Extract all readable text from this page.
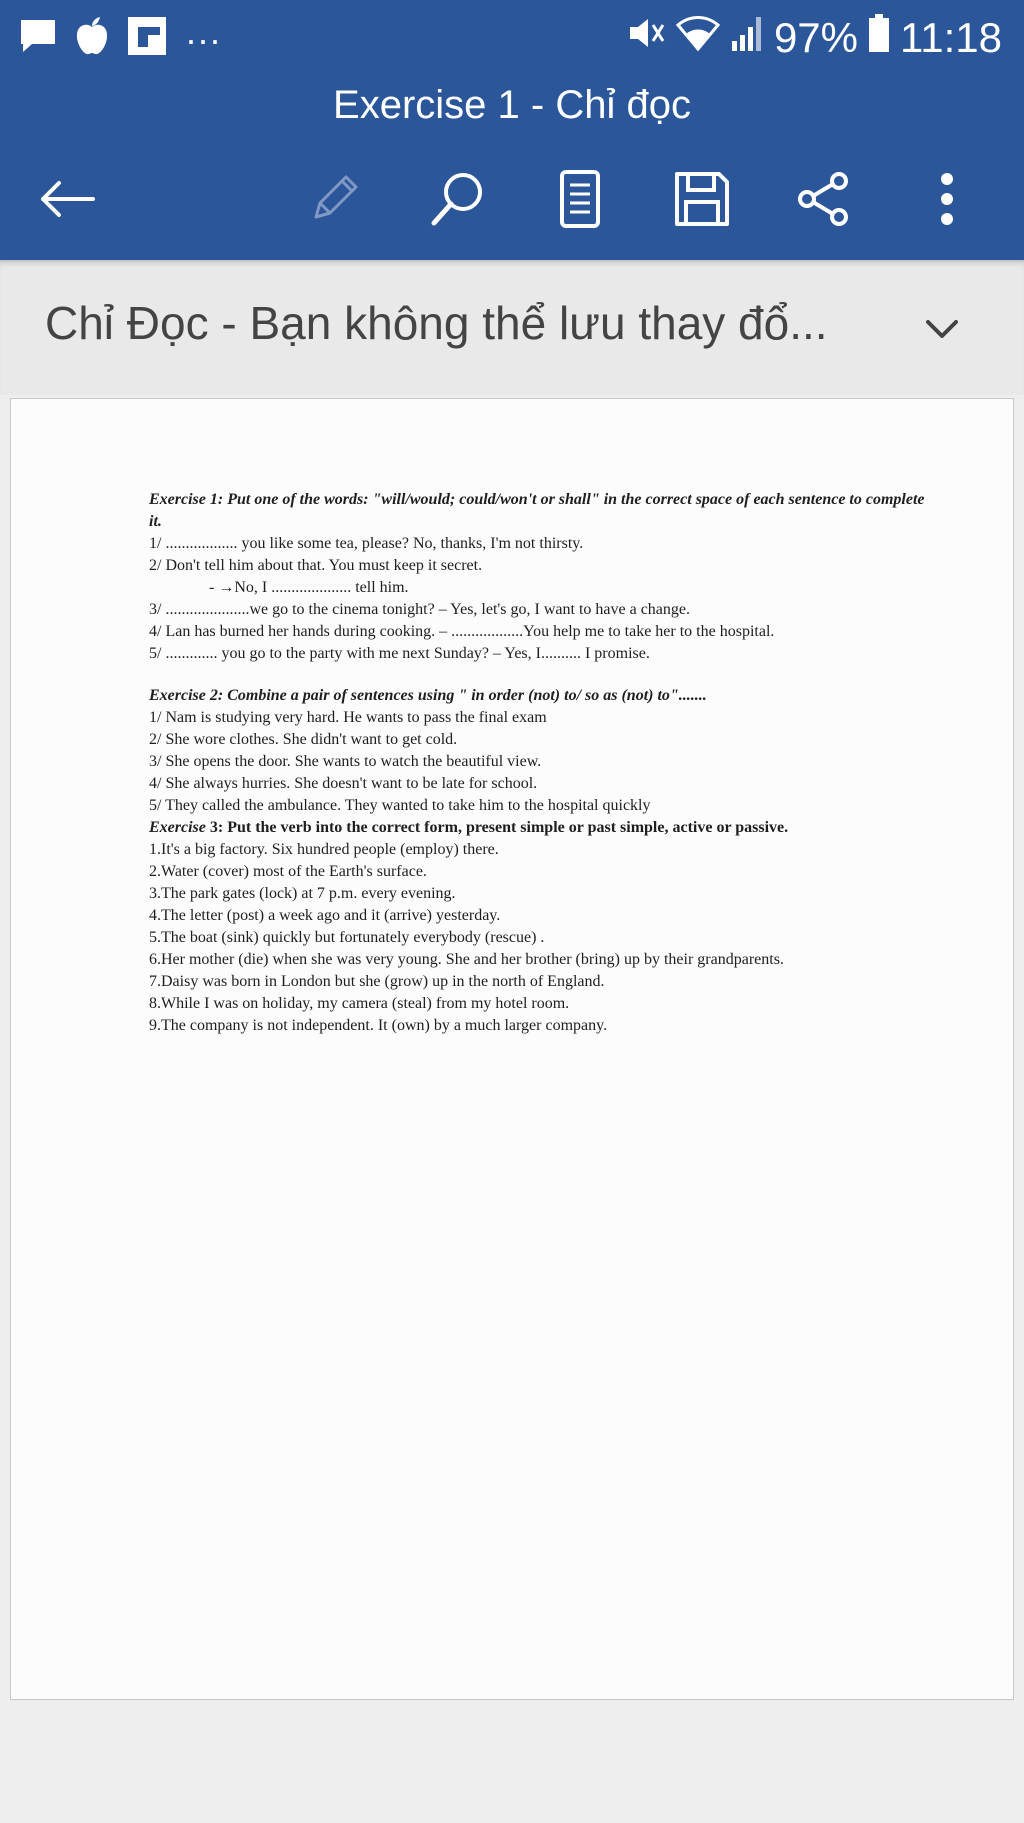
...	97% 11:18
Exercise 1 - Chỉ đọc
Chỉ Đọc - Bạn không thể lưu thay đổ...

Exercise 1: Put one of the words: "will/would; could/won't or shall" in the correct space of each sentence to complete it.

1/ .................. you like some tea, please? No, thanks, I'm not thirsty.

2/ Don't tell him about that. You must keep it secret.

- →No, I .................... tell him.

3/ .....................we go to the cinema tonight? – Yes, let's go, I want to have a change.

4/ Lan has burned her hands during cooking. – ..................You help me to take her to the hospital.

5/ ............. you go to the party with me next Sunday? – Yes, I.......... I promise.

Exercise 2: Combine a pair of sentences using " in order (not) to/ so as (not) to".......

1/ Nam is studying very hard. He wants to pass the final exam

2/ She wore clothes. She didn't want to get cold.

3/ She opens the door. She wants to watch the beautiful view.

4/ She always hurries. She doesn't want to be late for school.

5/ They called the ambulance. They wanted to take him to the hospital quickly

Exercise 3: Put the verb into the correct form, present simple or past simple, active or passive.

1.It's a big factory. Six hundred people (employ) there.

2.Water (cover) most of the Earth's surface.

3.The park gates (lock) at 7 p.m. every evening.

4.The letter (post) a week ago and it (arrive) yesterday.

5.The boat (sink) quickly but fortunately everybody (rescue) .

6.Her mother (die) when she was very young. She and her brother (bring) up by their grandparents.

7.Daisy was born in London but she (grow) up in the north of England.

8.While I was on holiday, my camera (steal) from my hotel room.

9.The company is not independent. It (own) by a much larger company.
